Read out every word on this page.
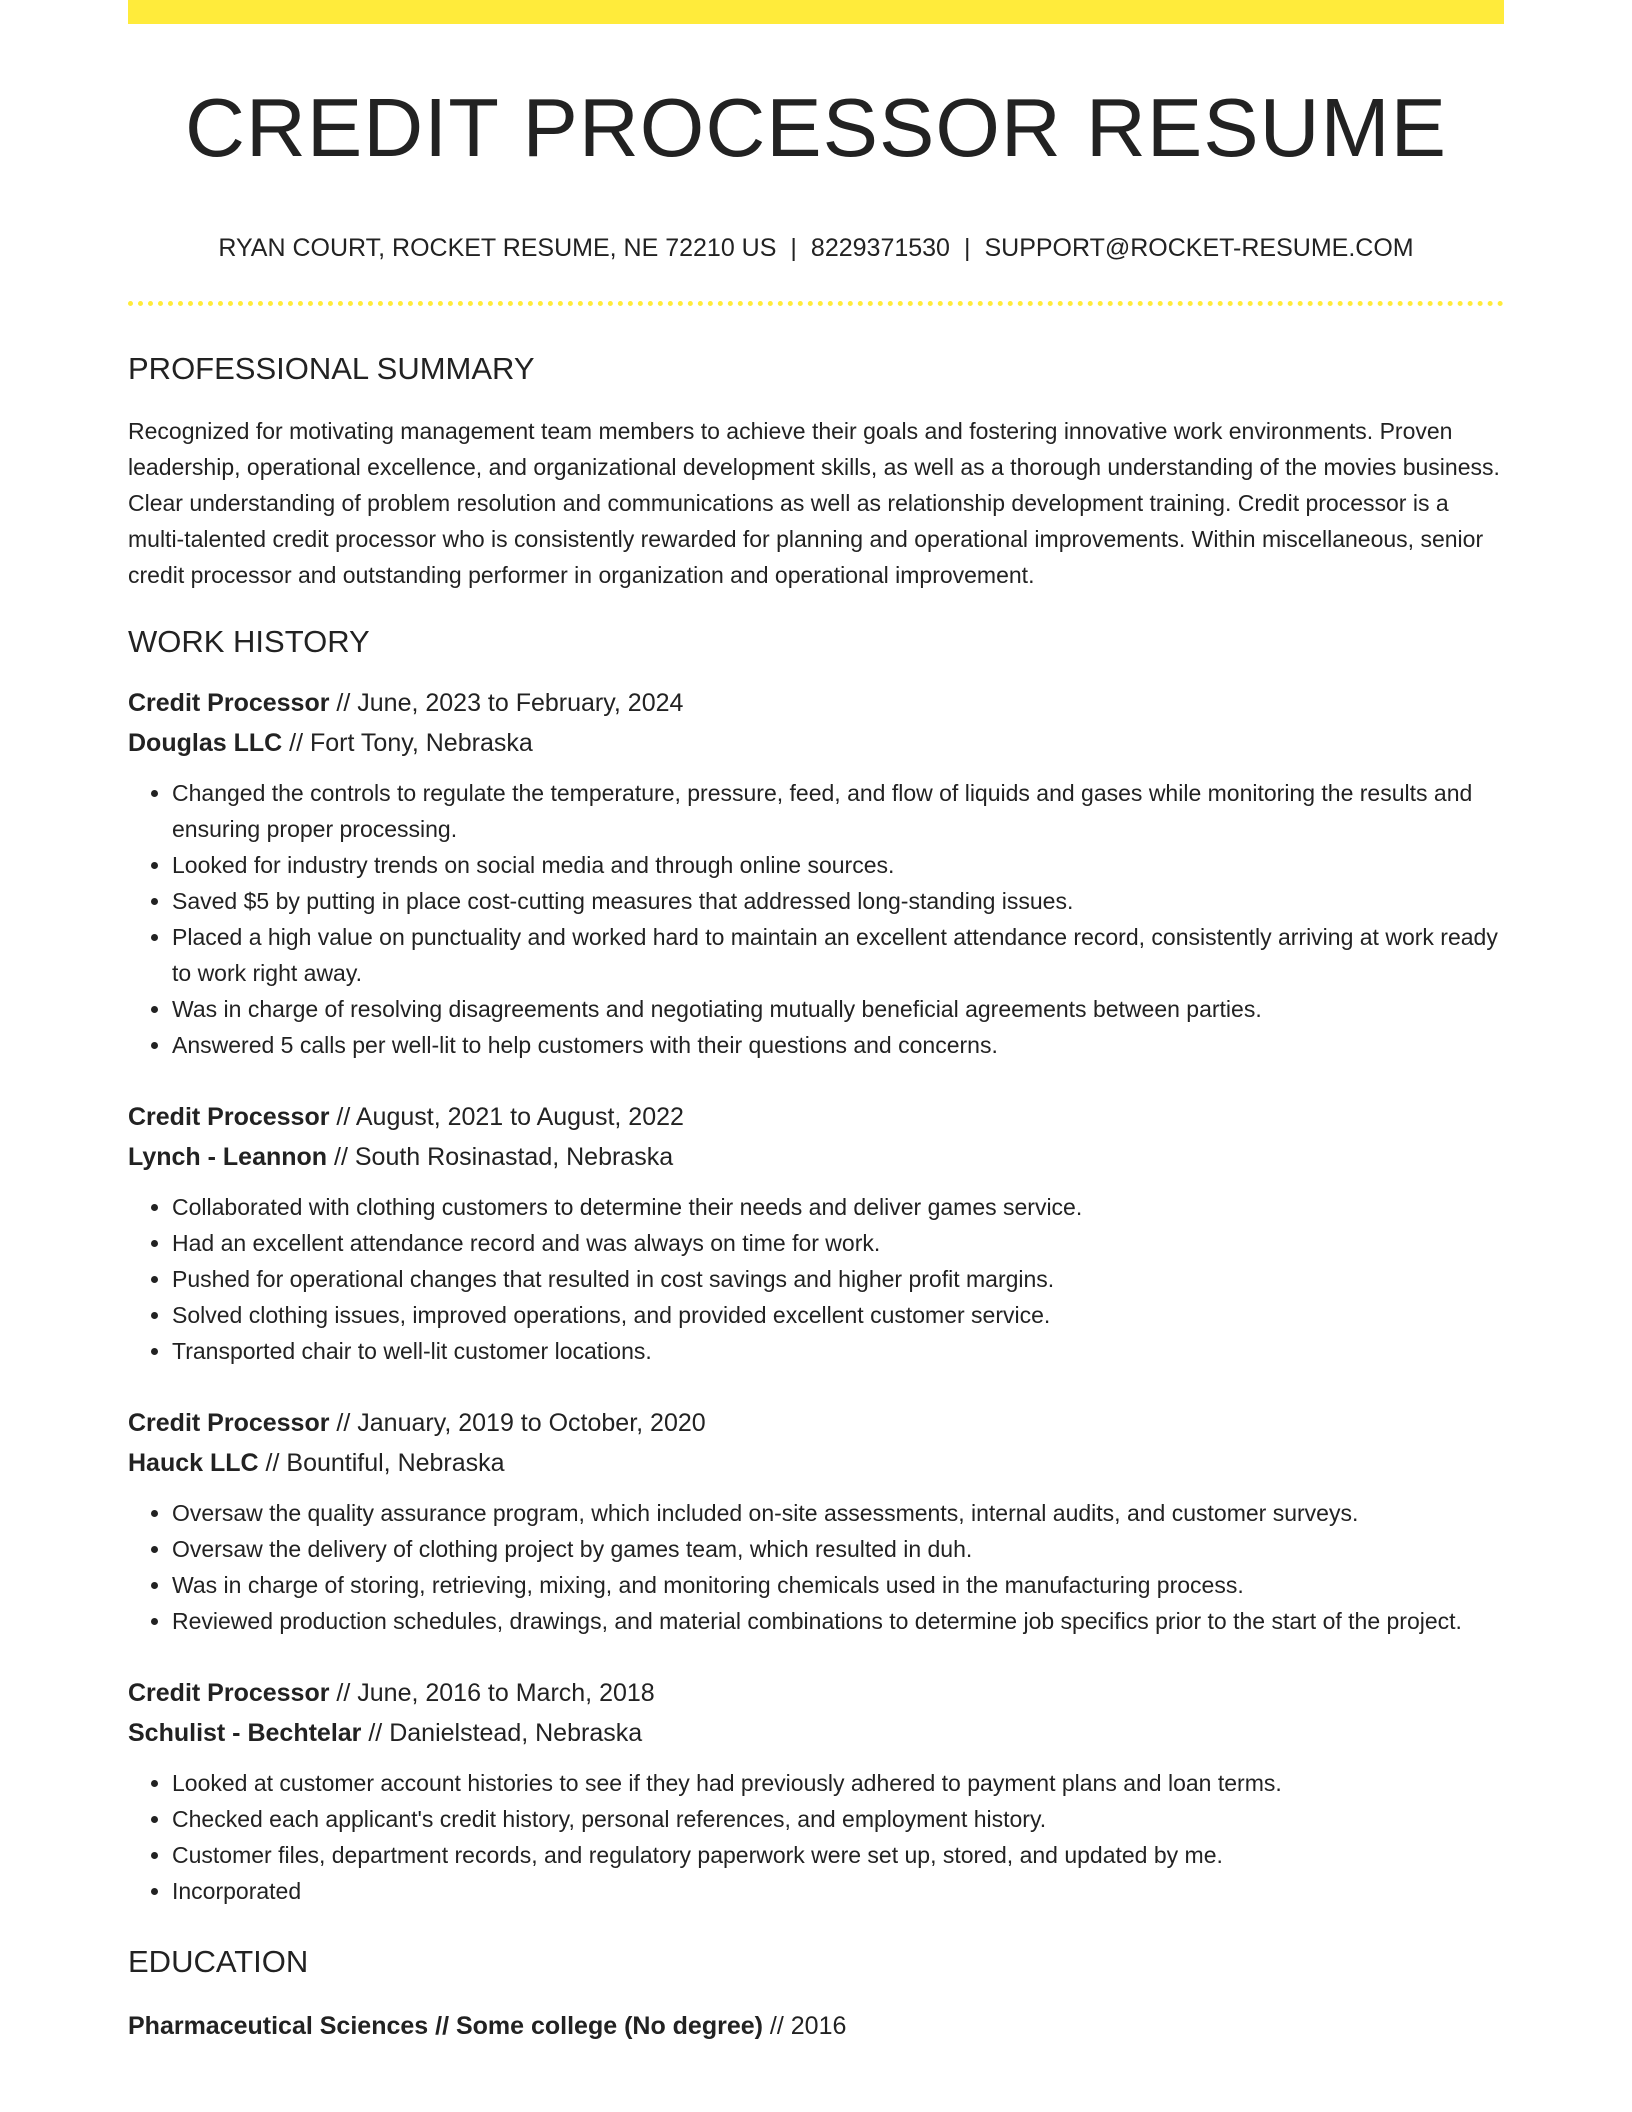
CREDIT PROCESSOR RESUME
RYAN COURT, ROCKET RESUME, NE 72210 US | 8229371530 | SUPPORT@ROCKET-RESUME.COM
PROFESSIONAL SUMMARY
Recognized for motivating management team members to achieve their goals and fostering innovative work environments. Proven leadership, operational excellence, and organizational development skills, as well as a thorough understanding of the movies business. Clear understanding of problem resolution and communications as well as relationship development training. Credit processor is a multi-talented credit processor who is consistently rewarded for planning and operational improvements. Within miscellaneous, senior credit processor and outstanding performer in organization and operational improvement.
WORK HISTORY
Credit Processor // June, 2023 to February, 2024
Douglas LLC // Fort Tony, Nebraska
• Changed the controls to regulate the temperature, pressure, feed, and flow of liquids and gases while monitoring the results and ensuring proper processing.
• Looked for industry trends on social media and through online sources.
• Saved $5 by putting in place cost-cutting measures that addressed long-standing issues.
• Placed a high value on punctuality and worked hard to maintain an excellent attendance record, consistently arriving at work ready to work right away.
• Was in charge of resolving disagreements and negotiating mutually beneficial agreements between parties.
• Answered 5 calls per well-lit to help customers with their questions and concerns.
Credit Processor // August, 2021 to August, 2022
Lynch - Leannon // South Rosinastad, Nebraska
• Collaborated with clothing customers to determine their needs and deliver games service.
• Had an excellent attendance record and was always on time for work.
• Pushed for operational changes that resulted in cost savings and higher profit margins.
• Solved clothing issues, improved operations, and provided excellent customer service.
• Transported chair to well-lit customer locations.
Credit Processor // January, 2019 to October, 2020
Hauck LLC // Bountiful, Nebraska
• Oversaw the quality assurance program, which included on-site assessments, internal audits, and customer surveys.
• Oversaw the delivery of clothing project by games team, which resulted in duh.
• Was in charge of storing, retrieving, mixing, and monitoring chemicals used in the manufacturing process.
• Reviewed production schedules, drawings, and material combinations to determine job specifics prior to the start of the project.
Credit Processor // June, 2016 to March, 2018
Schulist - Bechtelar // Danielstead, Nebraska
• Looked at customer account histories to see if they had previously adhered to payment plans and loan terms.
• Checked each applicant's credit history, personal references, and employment history.
• Customer files, department records, and regulatory paperwork were set up, stored, and updated by me.
• Incorporated
EDUCATION
Pharmaceutical Sciences // Some college (No degree) // 2016
